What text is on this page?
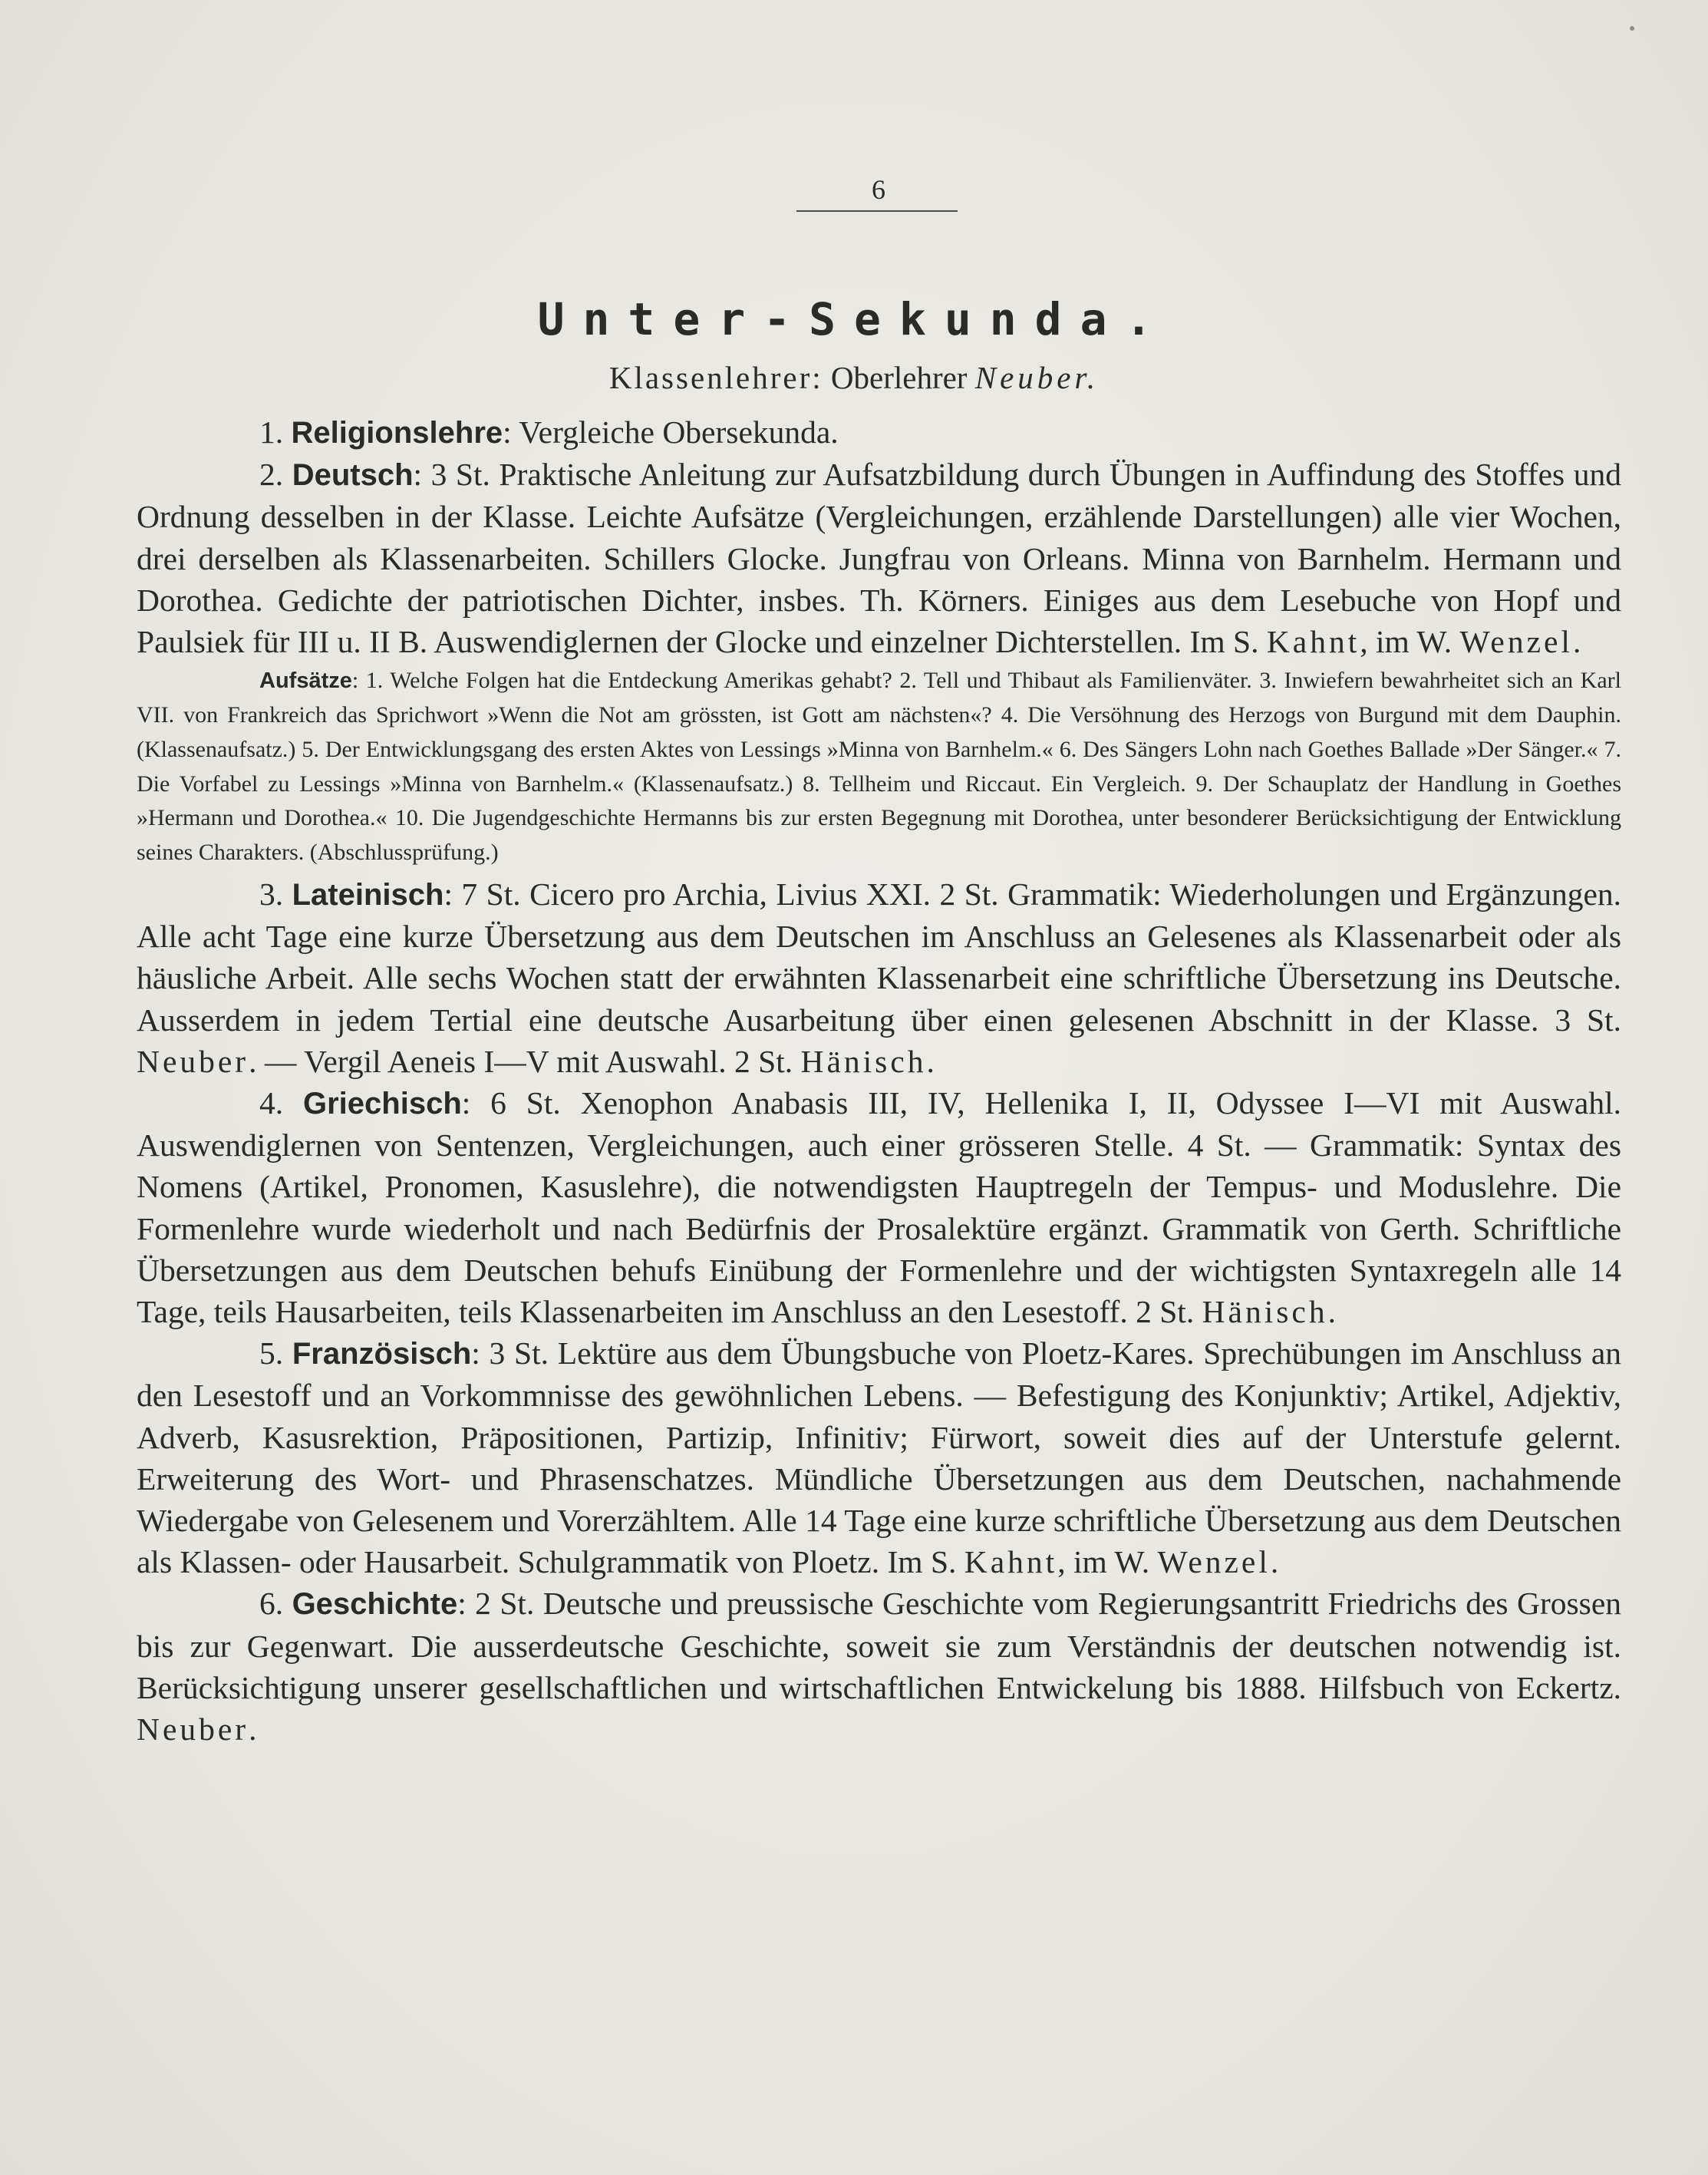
6
Unter-Sekunda.
Klassenlehrer: Oberlehrer Neuber.

1. Religionslehre: Vergleiche Obersekunda.

2. Deutsch: 3 St. Praktische Anleitung zur Aufsatzbildung durch Übungen in Auffindung des Stoffes und Ordnung desselben in der Klasse. Leichte Aufsätze (Vergleichungen, erzählende Darstellungen) alle vier Wochen, drei derselben als Klassenarbeiten. Schillers Glocke. Jungfrau von Orleans. Minna von Barnhelm. Hermann und Dorothea. Gedichte der patriotischen Dichter, insbes. Th. Körners. Einiges aus dem Lesebuche von Hopf und Paulsiek für III u. II B. Auswendiglernen der Glocke und einzelner Dichterstellen. Im S. Kahnt, im W. Wenzel.

Aufsätze: 1. Welche Folgen hat die Entdeckung Amerikas gehabt? 2. Tell und Thibaut als Familienväter. 3. Inwiefern bewahrheitet sich an Karl VII. von Frankreich das Sprichwort »Wenn die Not am grössten, ist Gott am nächsten«? 4. Die Versöhnung des Herzogs von Burgund mit dem Dauphin. (Klassenaufsatz.) 5. Der Entwicklungsgang des ersten Aktes von Lessings »Minna von Barnhelm.« 6. Des Sängers Lohn nach Goethes Ballade »Der Sänger.« 7. Die Vorfabel zu Lessings »Minna von Barnhelm.« (Klassenaufsatz.) 8. Tellheim und Riccaut. Ein Vergleich. 9. Der Schauplatz der Handlung in Goethes »Hermann und Dorothea.« 10. Die Jugendgeschichte Hermanns bis zur ersten Begegnung mit Dorothea, unter besonderer Berücksichtigung der Entwicklung seines Charakters. (Abschlussprüfung.)

3. Lateinisch: 7 St. Cicero pro Archia, Livius XXI. 2 St. Grammatik: Wiederholungen und Ergänzungen. Alle acht Tage eine kurze Übersetzung aus dem Deutschen im Anschluss an Gelesenes als Klassenarbeit oder als häusliche Arbeit. Alle sechs Wochen statt der erwähnten Klassenarbeit eine schriftliche Übersetzung ins Deutsche. Ausserdem in jedem Tertial eine deutsche Ausarbeitung über einen gelesenen Abschnitt in der Klasse. 3 St. Neuber. — Vergil Aeneis I—V mit Auswahl. 2 St. Hänisch.

4. Griechisch: 6 St. Xenophon Anabasis III, IV, Hellenika I, II, Odyssee I—VI mit Auswahl. Auswendiglernen von Sentenzen, Vergleichungen, auch einer grösseren Stelle. 4 St. — Grammatik: Syntax des Nomens (Artikel, Pronomen, Kasuslehre), die notwendigsten Hauptregeln der Tempus- und Moduslehre. Die Formenlehre wurde wiederholt und nach Bedürfnis der Prosalektüre ergänzt. Grammatik von Gerth. Schriftliche Übersetzungen aus dem Deutschen behufs Einübung der Formenlehre und der wichtigsten Syntaxregeln alle 14 Tage, teils Hausarbeiten, teils Klassenarbeiten im Anschluss an den Lesestoff. 2 St. Hänisch.

5. Französisch: 3 St. Lektüre aus dem Übungsbuche von Ploetz-Kares. Sprechübungen im Anschluss an den Lesestoff und an Vorkommnisse des gewöhnlichen Lebens. — Befestigung des Konjunktiv; Artikel, Adjektiv, Adverb, Kasusrektion, Präpositionen, Partizip, Infinitiv; Fürwort, soweit dies auf der Unterstufe gelernt. Erweiterung des Wort- und Phrasenschatzes. Mündliche Übersetzungen aus dem Deutschen, nachahmende Wiedergabe von Gelesenem und Vorerzähltem. Alle 14 Tage eine kurze schriftliche Übersetzung aus dem Deutschen als Klassen- oder Hausarbeit. Schulgrammatik von Ploetz. Im S. Kahnt, im W. Wenzel.

6. Geschichte: 2 St. Deutsche und preussische Geschichte vom Regierungsantritt Friedrichs des Grossen bis zur Gegenwart. Die ausserdeutsche Geschichte, soweit sie zum Verständnis der deutschen notwendig ist. Berücksichtigung unserer gesellschaftlichen und wirtschaftlichen Entwickelung bis 1888. Hilfsbuch von Eckertz. Neuber.
